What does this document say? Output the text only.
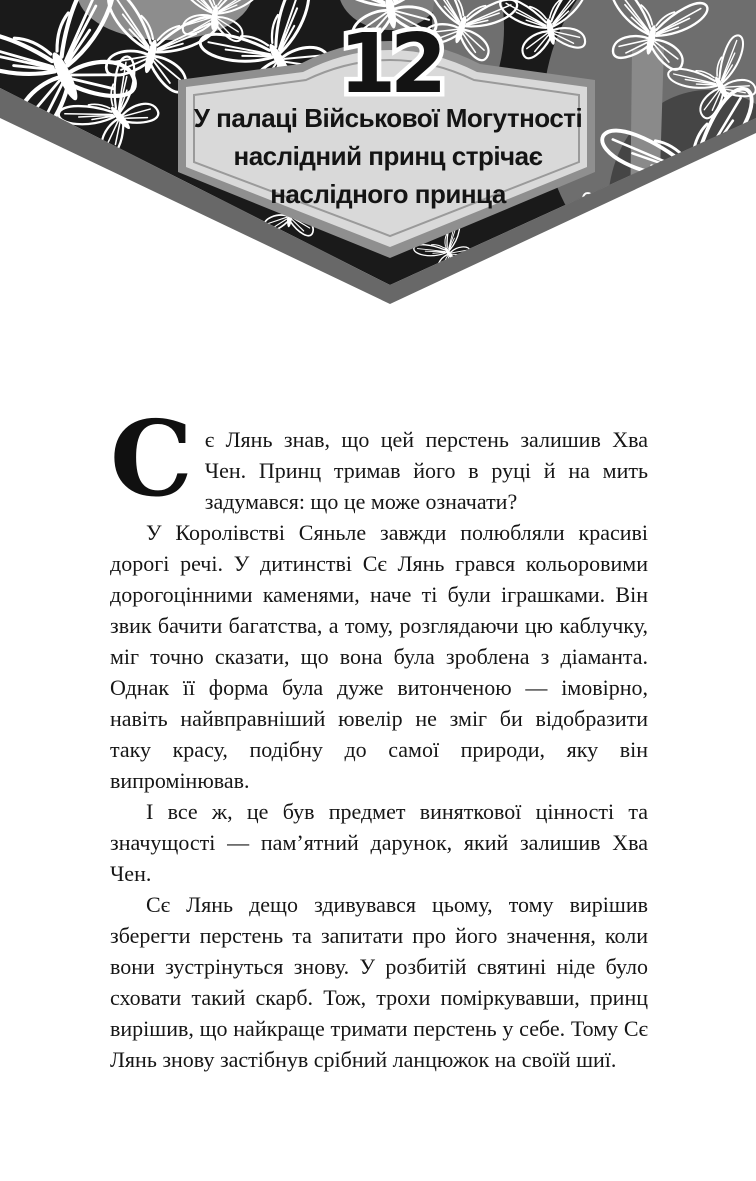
12
У палаці Військової Могутності
наслідний принц стрічає
наслідного принца

Сє Лянь знав, що цей перстень залишив Хва Чен. Принц тримав його в руці й на мить задумався: що це може означати?

У Королівстві Сяньле завжди полюбляли красиві дорогі речі. У дитинстві Сє Лянь грався кольоровими дорогоцінними каменями, наче ті були іграшками. Він звик бачити багатства, а тому, розглядаючи цю каблучку, міг точно сказати, що вона була зроблена з діаманта. Однак її форма була дуже витонченою — імовірно, навіть найвправніший ювелір не зміг би відобразити таку красу, подібну до самої природи, яку він випромінював.

І все ж, це був предмет виняткової цінності та значущості — пам’ятний дарунок, який залишив Хва Чен.

Сє Лянь дещо здивувався цьому, тому вирішив зберегти перстень та запитати про його значення, коли вони зустрінуться знову. У розбитій святині ніде було сховати такий скарб. Тож, трохи поміркувавши, принц вирішив, що найкраще тримати перстень у себе. Тому Сє Лянь знову застібнув срібний ланцюжок на своїй шиї.
